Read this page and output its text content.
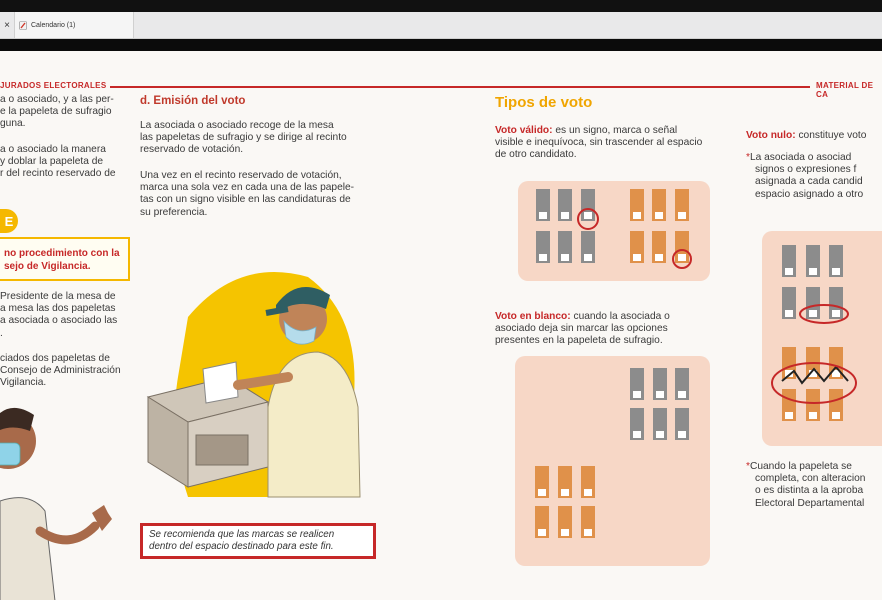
×	Calendario (1)
JURADOS ELECTORALES	MATERIAL DE CA
a o asociado, y a las per-
e la papeleta de sufragio
guna.
a o asociado la manera
y doblar la papeleta de
r del recinto reservado de
E
no procedimiento con la
sejo de Vigilancia.
Presidente de la mesa de
a mesa las dos papeletas
a asociada o asociado las
.
ciados dos papeletas de
Consejo de Administración
Vigilancia.
d. Emisión del voto
La asociada o asociado recoge de la mesa
las papeletas de sufragio y se dirige al recinto
reservado de votación.
Una vez en el recinto reservado de votación,
marca una sola vez en cada una de las papele-
tas con un signo visible en las candidaturas de
su preferencia.
Se recomienda que las marcas se realicen
dentro del espacio destinado para este fin.
Tipos de voto
Voto válido: es un signo, marca o señal
visible e inequívoca, sin trascender al espacio
de otro candidato.
Voto en blanco: cuando la asociada o
asociado deja sin marcar las opciones
presentes en la papeleta de sufragio.
Voto nulo: constituye voto
*La asociada o asociad
signos o expresiones f
asignada a cada candid
espacio asignado a otro
*Cuando la papeleta se
completa, con alteracion
o es distinta a la aproba
Electoral Departamental
